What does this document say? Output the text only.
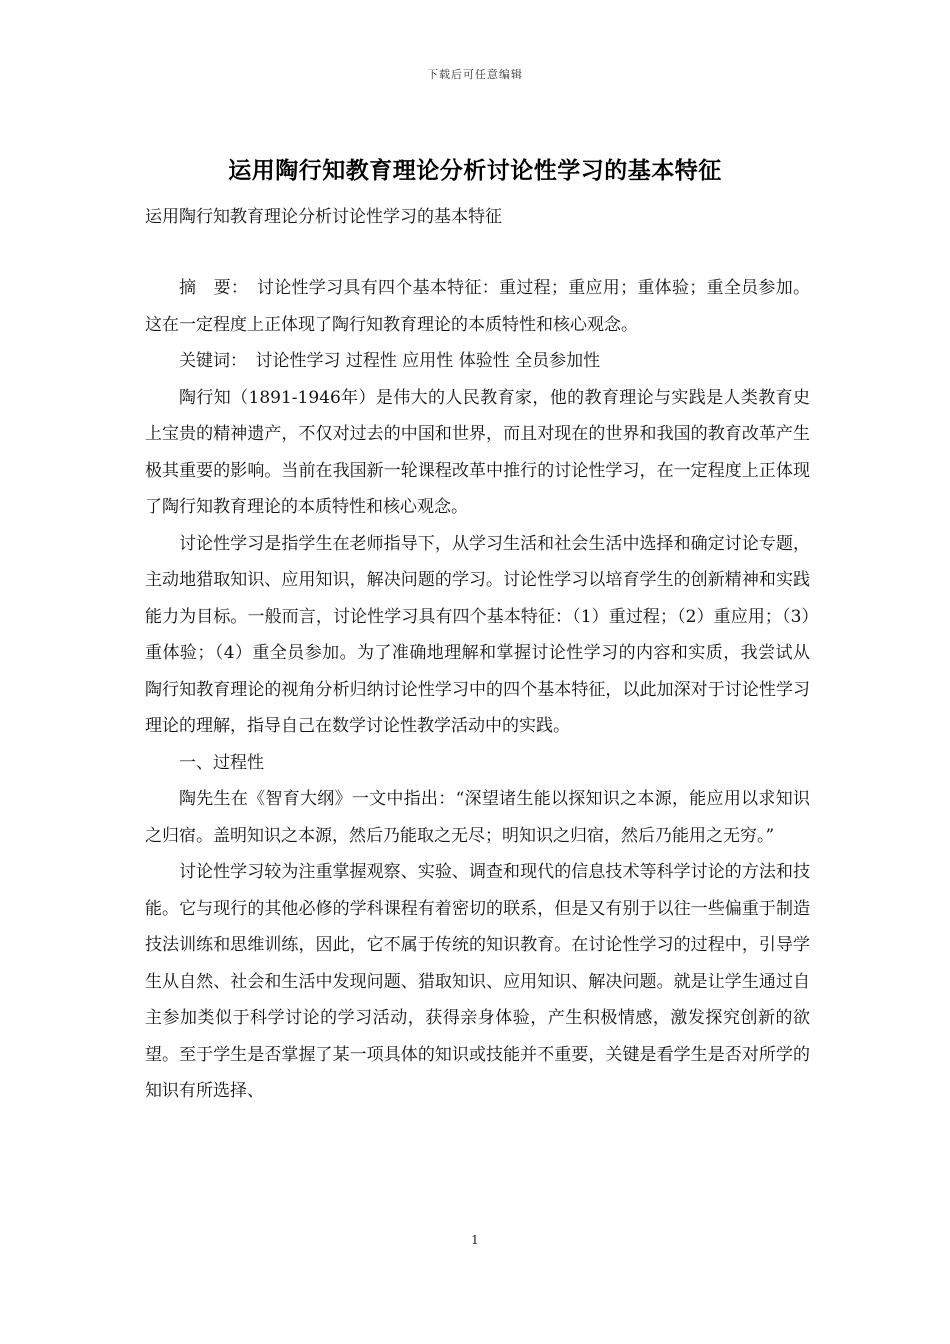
下载后可任意编辑
运用陶行知教育理论分析讨论性学习的基本特征

运用陶行知教育理论分析讨论性学习的基本特征

摘　要：　讨论性学习具有四个基本特征：重过程；重应用；重体验；重全员参加。这在一定程度上正体现了陶行知教育理论的本质特性和核心观念。

关键词：　讨论性学习 过程性 应用性 体验性 全员参加性

陶行知（1891-1946年）是伟大的人民教育家，他的教育理论与实践是人类教育史上宝贵的精神遗产，不仅对过去的中国和世界，而且对现在的世界和我国的教育改革产生极其重要的影响。当前在我国新一轮课程改革中推行的讨论性学习，在一定程度上正体现了陶行知教育理论的本质特性和核心观念。

讨论性学习是指学生在老师指导下，从学习生活和社会生活中选择和确定讨论专题，主动地猎取知识、应用知识，解决问题的学习。讨论性学习以培育学生的创新精神和实践能力为目标。一般而言，讨论性学习具有四个基本特征：（1）重过程；（2）重应用；（3）重体验；（4）重全员参加。为了准确地理解和掌握讨论性学习的内容和实质，我尝试从陶行知教育理论的视角分析归纳讨论性学习中的四个基本特征，以此加深对于讨论性学习理论的理解，指导自己在数学讨论性教学活动中的实践。

一、过程性

陶先生在《智育大纲》一文中指出：“深望诸生能以探知识之本源，能应用以求知识之归宿。盖明知识之本源，然后乃能取之无尽；明知识之归宿，然后乃能用之无穷。”

讨论性学习较为注重掌握观察、实验、调查和现代的信息技术等科学讨论的方法和技能。它与现行的其他必修的学科课程有着密切的联系，但是又有别于以往一些偏重于制造技法训练和思维训练，因此，它不属于传统的知识教育。在讨论性学习的过程中，引导学生从自然、社会和生活中发现问题、猎取知识、应用知识、解决问题。就是让学生通过自主参加类似于科学讨论的学习活动，获得亲身体验，产生积极情感，激发探究创新的欲望。至于学生是否掌握了某一项具体的知识或技能并不重要，关键是看学生是否对所学的知识有所选择、

1
